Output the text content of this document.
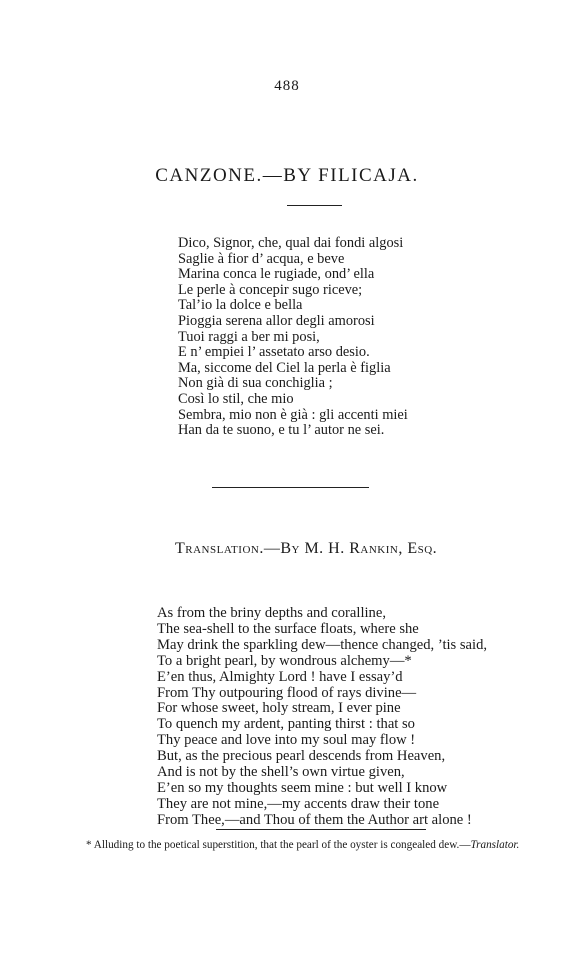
488
CANZONE.—BY FILICAJA.
Dico, Signor, che, qual dai fondi algosi
Saglie à fior d’ acqua, e beve
Marina conca le rugiade, ond’ ella
Le perle à concepir sugo riceve;
Tal’io la dolce e bella
Pioggia serena allor degli amorosi
Tuoi raggi a ber mi posi,
E n’ empiei l’ assetato arso desio.
Ma, siccome del Ciel la perla è figlia
Non già di sua conchiglia ;
Così lo stil, che mio
Sembra, mio non è già : gli accenti miei
Han da te suono, e tu l’ autor ne sei.
Translation.—By M. H. Rankin, Esq.
As from the briny depths and coralline,
The sea-shell to the surface floats, where she
May drink the sparkling dew—thence changed, ’tis said,
To a bright pearl, by wondrous alchemy—*
E’en thus, Almighty Lord ! have I essay’d
From Thy outpouring flood of rays divine—
For whose sweet, holy stream, I ever pine
To quench my ardent, panting thirst : that so
Thy peace and love into my soul may flow !
But, as the precious pearl descends from Heaven,
And is not by the shell’s own virtue given,
E’en so my thoughts seem mine : but well I know
They are not mine,—my accents draw their tone
From Thee,—and Thou of them the Author art alone !
* Alluding to the poetical superstition, that the pearl of the oyster is congealed dew.—Translator.
